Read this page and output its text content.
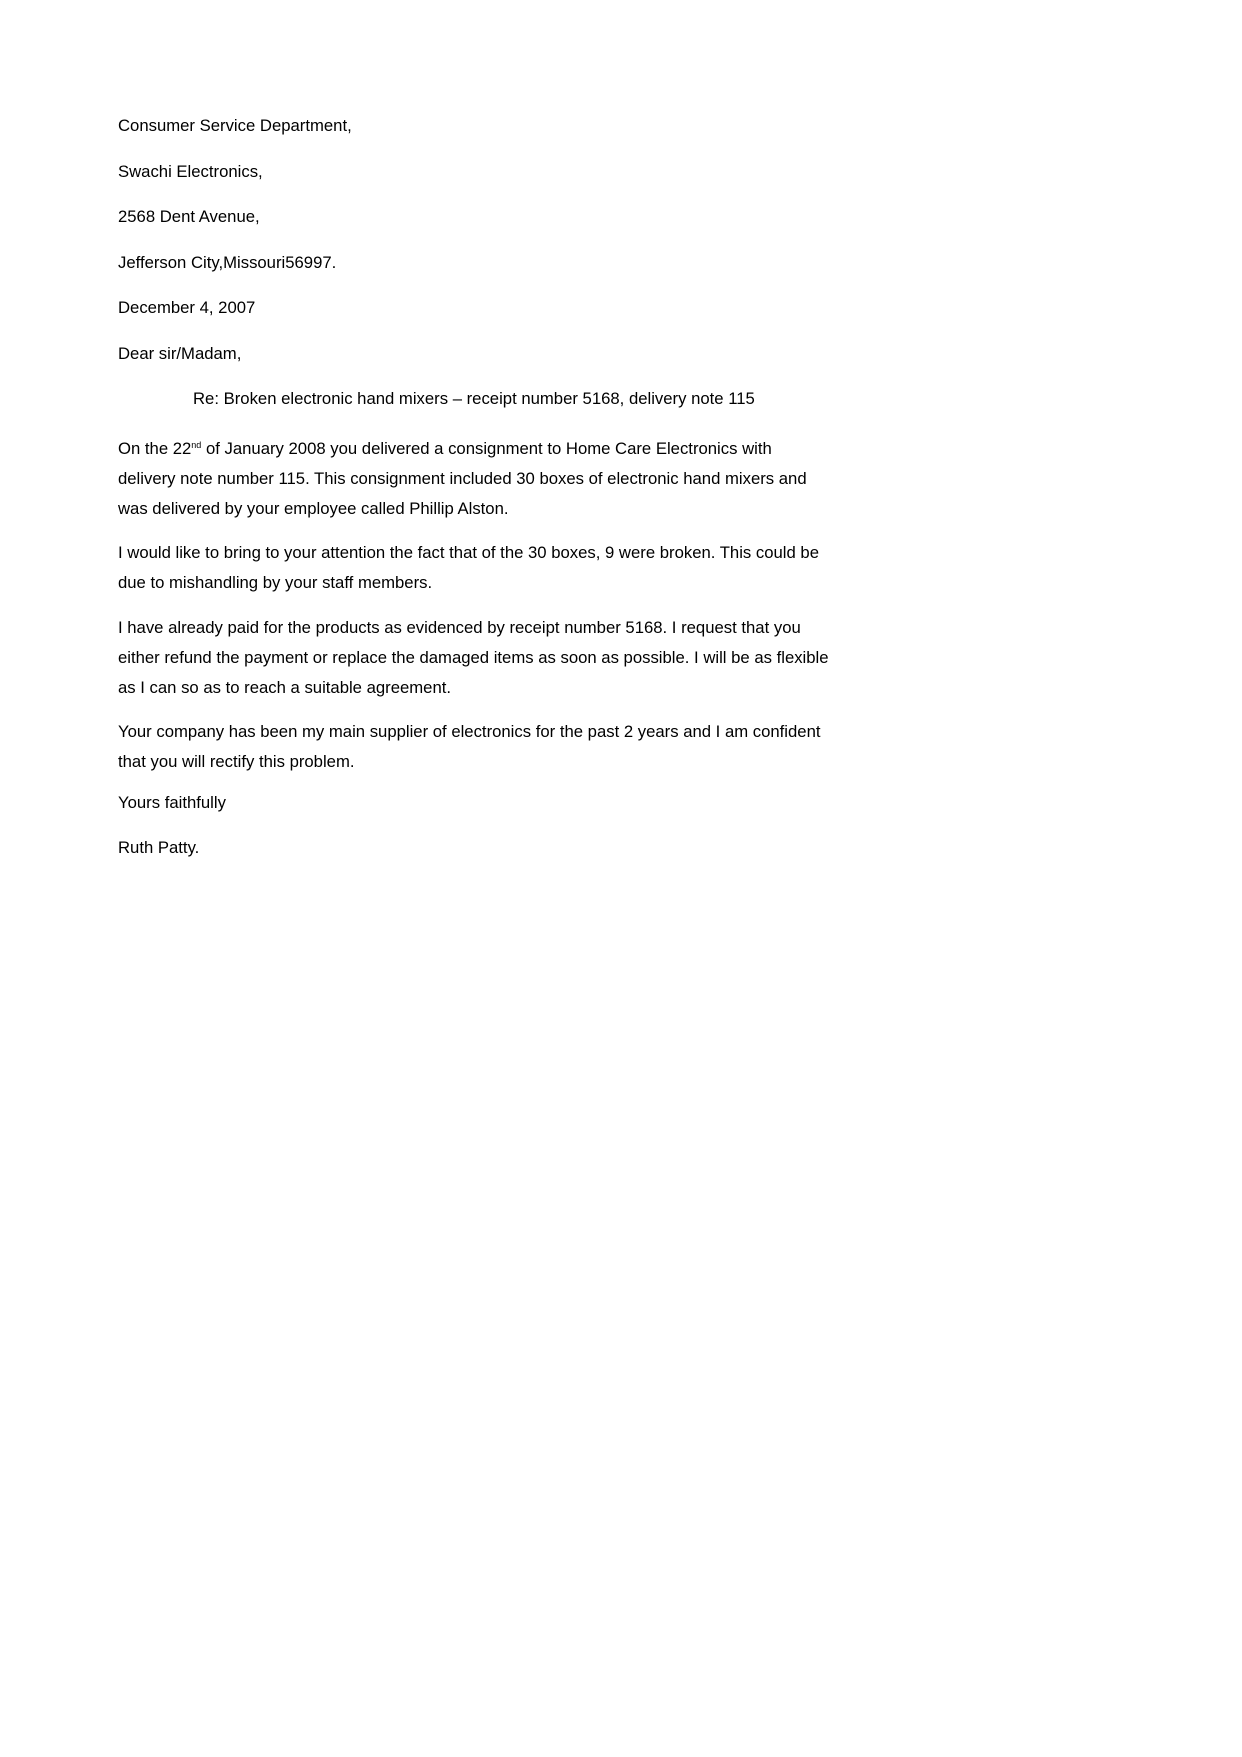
Consumer Service Department,
Swachi Electronics,
2568 Dent Avenue,
Jefferson City,Missouri56997.
December 4, 2007
Dear sir/Madam,
Re: Broken electronic hand mixers – receipt number 5168, delivery note 115
On the 22nd of January 2008 you delivered a consignment to Home Care Electronics with
delivery note number 115. This consignment included 30 boxes of electronic hand mixers and
was delivered by your employee called Phillip Alston.
I would like to bring to your attention the fact that of the 30 boxes, 9 were broken. This could be
due to mishandling by your staff members.
I have already paid for the products as evidenced by receipt number 5168. I request that you
either refund the payment or replace the damaged items as soon as possible. I will be as flexible
as I can so as to reach a suitable agreement.
Your company has been my main supplier of electronics for the past 2 years and I am confident
that you will rectify this problem.
Yours faithfully
Ruth Patty.
